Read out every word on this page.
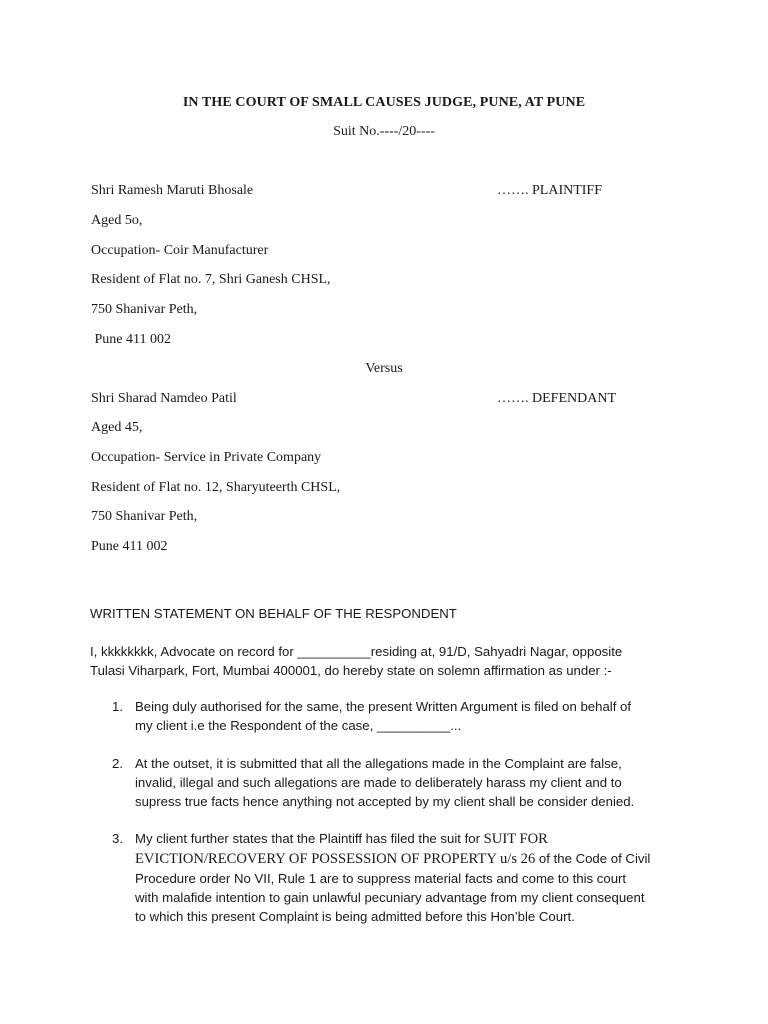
IN THE COURT OF SMALL CAUSES JUDGE, PUNE, AT PUNE
Suit No.----/20----
Shri Ramesh Maruti Bhosale	……. PLAINTIFF
Aged 5o,
Occupation- Coir Manufacturer
Resident of Flat no. 7, Shri Ganesh CHSL,
750 Shanivar Peth,
Pune 411 002
Versus
Shri Sharad Namdeo Patil	……. DEFENDANT
Aged 45,
Occupation- Service in Private Company
Resident of Flat no. 12, Sharyuteerth CHSL,
750 Shanivar Peth,
Pune 411 002
WRITTEN STATEMENT ON BEHALF OF THE RESPONDENT
I, kkkkkkkk, Advocate on record for __________residing at, 91/D, Sahyadri Nagar, opposite
Tulasi Viharpark, Fort, Mumbai 400001, do hereby state on solemn affirmation as under :-
1. Being duly authorised for the same, the present Written Argument is filed on behalf of
my client i.e the Respondent of the case, __________...
2. At the outset, it is submitted that all the allegations made in the Complaint are false,
invalid, illegal and such allegations are made to deliberately harass my client and to
supress true facts hence anything not accepted by my client shall be consider denied.
3. My client further states that the Plaintiff has filed the suit for SUIT FOR
EVICTION/RECOVERY OF POSSESSION OF PROPERTY u/s 26 of the Code of Civil
Procedure order No VII, Rule 1 are to suppress material facts and come to this court
with malafide intention to gain unlawful pecuniary advantage from my client consequent
to which this present Complaint is being admitted before this Hon’ble Court.
